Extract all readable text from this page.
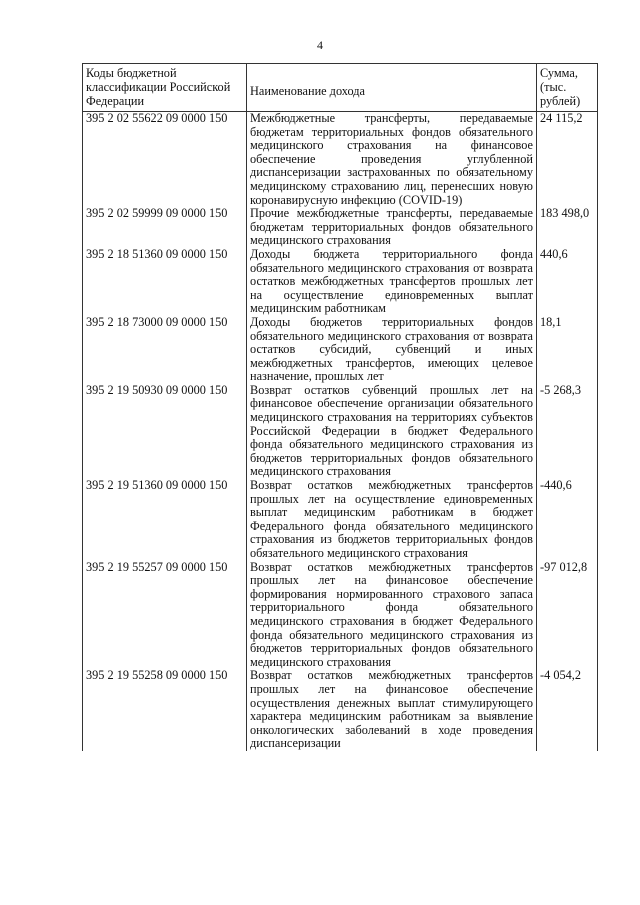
4
Коды бюджетной классификации Российской Федерации	Наименование дохода	Сумма, (тыс. рублей)
395 2 02 55622 09 0000 150	Межбюджетные трансферты, передаваемые бюджетам территориальных фондов обязательного медицинского страхования на финансовое обеспечение проведения углубленной диспансеризации застрахованных по обязательному медицинскому страхованию лиц, перенесших новую коронавирусную инфекцию (COVID-19)	24 115,2
395 2 02 59999 09 0000 150	Прочие межбюджетные трансферты, передаваемые бюджетам территориальных фондов обязательного медицинского страхования	183 498,0
395 2 18 51360 09 0000 150	Доходы бюджета территориального фонда обязательного медицинского страхования от возврата остатков межбюджетных трансфертов прошлых лет на осуществление единовременных выплат медицинским работникам	440,6
395 2 18 73000 09 0000 150	Доходы бюджетов территориальных фондов обязательного медицинского страхования от возврата остатков субсидий, субвенций и иных межбюджетных трансфертов, имеющих целевое назначение, прошлых лет	18,1
395 2 19 50930 09 0000 150	Возврат остатков субвенций прошлых лет на финансовое обеспечение организации обязательного медицинского страхования на территориях субъектов Российской Федерации в бюджет Федерального фонда обязательного медицинского страхования из бюджетов территориальных фондов обязательного медицинского страхования	-5 268,3
395 2 19 51360 09 0000 150	Возврат остатков межбюджетных трансфертов прошлых лет на осуществление единовременных выплат медицинским работникам в бюджет Федерального фонда обязательного медицинского страхования из бюджетов территориальных фондов обязательного медицинского страхования	-440,6
395 2 19 55257 09 0000 150	Возврат остатков межбюджетных трансфертов прошлых лет на финансовое обеспечение формирования нормированного страхового запаса территориального фонда обязательного медицинского страхования в бюджет Федерального фонда обязательного медицинского страхования из бюджетов территориальных фондов обязательного медицинского страхования	-97 012,8
395 2 19 55258 09 0000 150	Возврат остатков межбюджетных трансфертов прошлых лет на финансовое обеспечение осуществления денежных выплат стимулирующего характера медицинским работникам за выявление онкологических заболеваний в ходе проведения диспансеризации	-4 054,2
